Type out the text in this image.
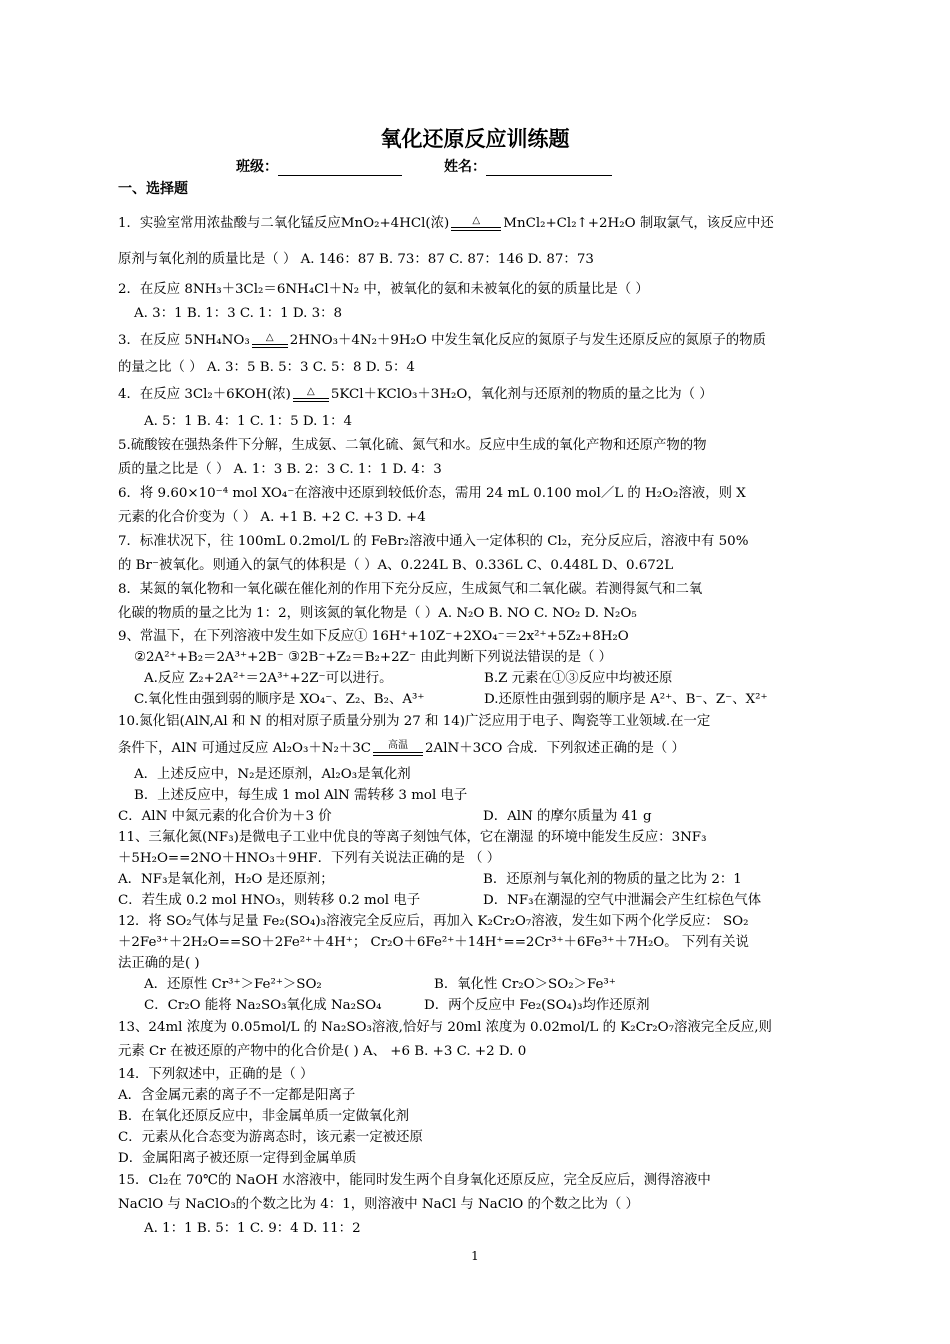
氧化还原反应训练题
班级：	姓名：
一、选择题
1．实验室常用浓盐酸与二氧化锰反应MnO₂+4HCl(浓)	△	MnCl₂+Cl₂↑+2H₂O 制取氯气，该反应中还
原剂与氧化剂的质量比是（ ） A. 146：87 B. 73：87 C. 87：146 D. 87：73
2．在反应 8NH₃＋3Cl₂＝6NH₄Cl＋N₂ 中，被氧化的氨和未被氧化的氨的质量比是（ ）
A. 3：1 B. 1：3 C. 1：1 D. 3：8
3．在反应 5NH₄NO₃	△	2HNO₃＋4N₂＋9H₂O 中发生氧化反应的氮原子与发生还原反应的氮原子的物质
的量之比（ ） A. 3：5 B. 5：3 C. 5：8 D. 5：4
4．在反应 3Cl₂＋6KOH(浓)	△	5KCl＋KClO₃＋3H₂O，氧化剂与还原剂的物质的量之比为（ ）
A. 5：1 B. 4：1 C. 1：5 D. 1：4
5.硫酸铵在强热条件下分解，生成氨、二氧化硫、氮气和水。反应中生成的氧化产物和还原产物的物
质的量之比是（ ） A. 1：3 B. 2：3 C. 1：1 D. 4：3
6．将 9.60×10⁻⁴ mol XO₄⁻在溶液中还原到较低价态，需用 24 mL 0.100 mol／L 的 H₂O₂溶液，则 X
元素的化合价变为（ ） A. +1 B. +2 C. +3 D. +4
7．标准状况下，往 100mL 0.2mol/L 的 FeBr₂溶液中通入一定体积的 Cl₂，充分反应后，溶液中有 50%
的 Br⁻被氧化。则通入的氯气的体积是（ ）A、0.224L B、0.336L C、0.448L D、0.672L
8．某氮的氧化物和一氧化碳在催化剂的作用下充分反应，生成氮气和二氧化碳。若测得氮气和二氧
化碳的物质的量之比为 1：2，则该氮的氧化物是（ ）A. N₂O B. NO C. NO₂ D. N₂O₅
9、常温下，在下列溶液中发生如下反应① 16H⁺+10Z⁻+2XO₄⁻＝2x²⁺+5Z₂+8H₂O
②2A²⁺+B₂＝2A³⁺+2B⁻ ③2B⁻+Z₂＝B₂+2Z⁻ 由此判断下列说法错误的是（ ）
A.反应 Z₂+2A²⁺＝2A³⁺+2Z⁻可以进行。	B.Z 元素在①③反应中均被还原
C.氧化性由强到弱的顺序是 XO₄⁻、Z₂、B₂、A³⁺	D.还原性由强到弱的顺序是 A²⁺、B⁻、Z⁻、X²⁺
10.氮化铝(AlN,Al 和 N 的相对原子质量分别为 27 和 14)广泛应用于电子、陶瓷等工业领域.在一定
条件下，AlN 可通过反应 Al₂O₃＋N₂＋3C	高温	2AlN＋3CO 合成．下列叙述正确的是（ ）
A．上述反应中，N₂是还原剂，Al₂O₃是氧化剂
B．上述反应中，每生成 1 mol AlN 需转移 3 mol 电子
C．AlN 中氮元素的化合价为＋3 价	D．AlN 的摩尔质量为 41 g
11、三氟化氮(NF₃)是微电子工业中优良的等离子刻蚀气体，它在潮湿 的环境中能发生反应：3NF₃
＋5H₂O==2NO＋HNO₃＋9HF．下列有关说法正确的是 （ ）
A．NF₃是氧化剂，H₂O 是还原剂；	B．还原剂与氧化剂的物质的量之比为 2：1
C．若生成 0.2 mol HNO₃，则转移 0.2 mol 电子	D．NF₃在潮湿的空气中泄漏会产生红棕色气体
12．将 SO₂气体与足量 Fe₂(SO₄)₃溶液完全反应后，再加入 K₂Cr₂O₇溶液，发生如下两个化学反应： SO₂
＋2Fe³⁺＋2H₂O==SO＋2Fe²⁺＋4H⁺； Cr₂O＋6Fe²⁺＋14H⁺==2Cr³⁺＋6Fe³⁺＋7H₂O。 下列有关说
法正确的是( )
A．还原性 Cr³⁺＞Fe²⁺＞SO₂	B．氧化性 Cr₂O＞SO₂＞Fe³⁺
C．Cr₂O 能将 Na₂SO₃氧化成 Na₂SO₄	D．两个反应中 Fe₂(SO₄)₃均作还原剂
13、24ml 浓度为 0.05mol/L 的 Na₂SO₃溶液,恰好与 20ml 浓度为 0.02mol/L 的 K₂Cr₂O₇溶液完全反应,则
元素 Cr 在被还原的产物中的化合价是( ) A、 +6 B. +3 C. +2 D. 0
14．下列叙述中，正确的是（ ）
A．含金属元素的离子不一定都是阳离子
B．在氧化还原反应中，非金属单质一定做氧化剂
C．元素从化合态变为游离态时，该元素一定被还原
D．金属阳离子被还原一定得到金属单质
15．Cl₂在 70℃的 NaOH 水溶液中，能同时发生两个自身氧化还原反应，完全反应后，测得溶液中
NaClO 与 NaClO₃的个数之比为 4：1，则溶液中 NaCl 与 NaClO 的个数之比为（ ）
A. 1：1 B. 5：1 C. 9：4 D. 11：2
1
